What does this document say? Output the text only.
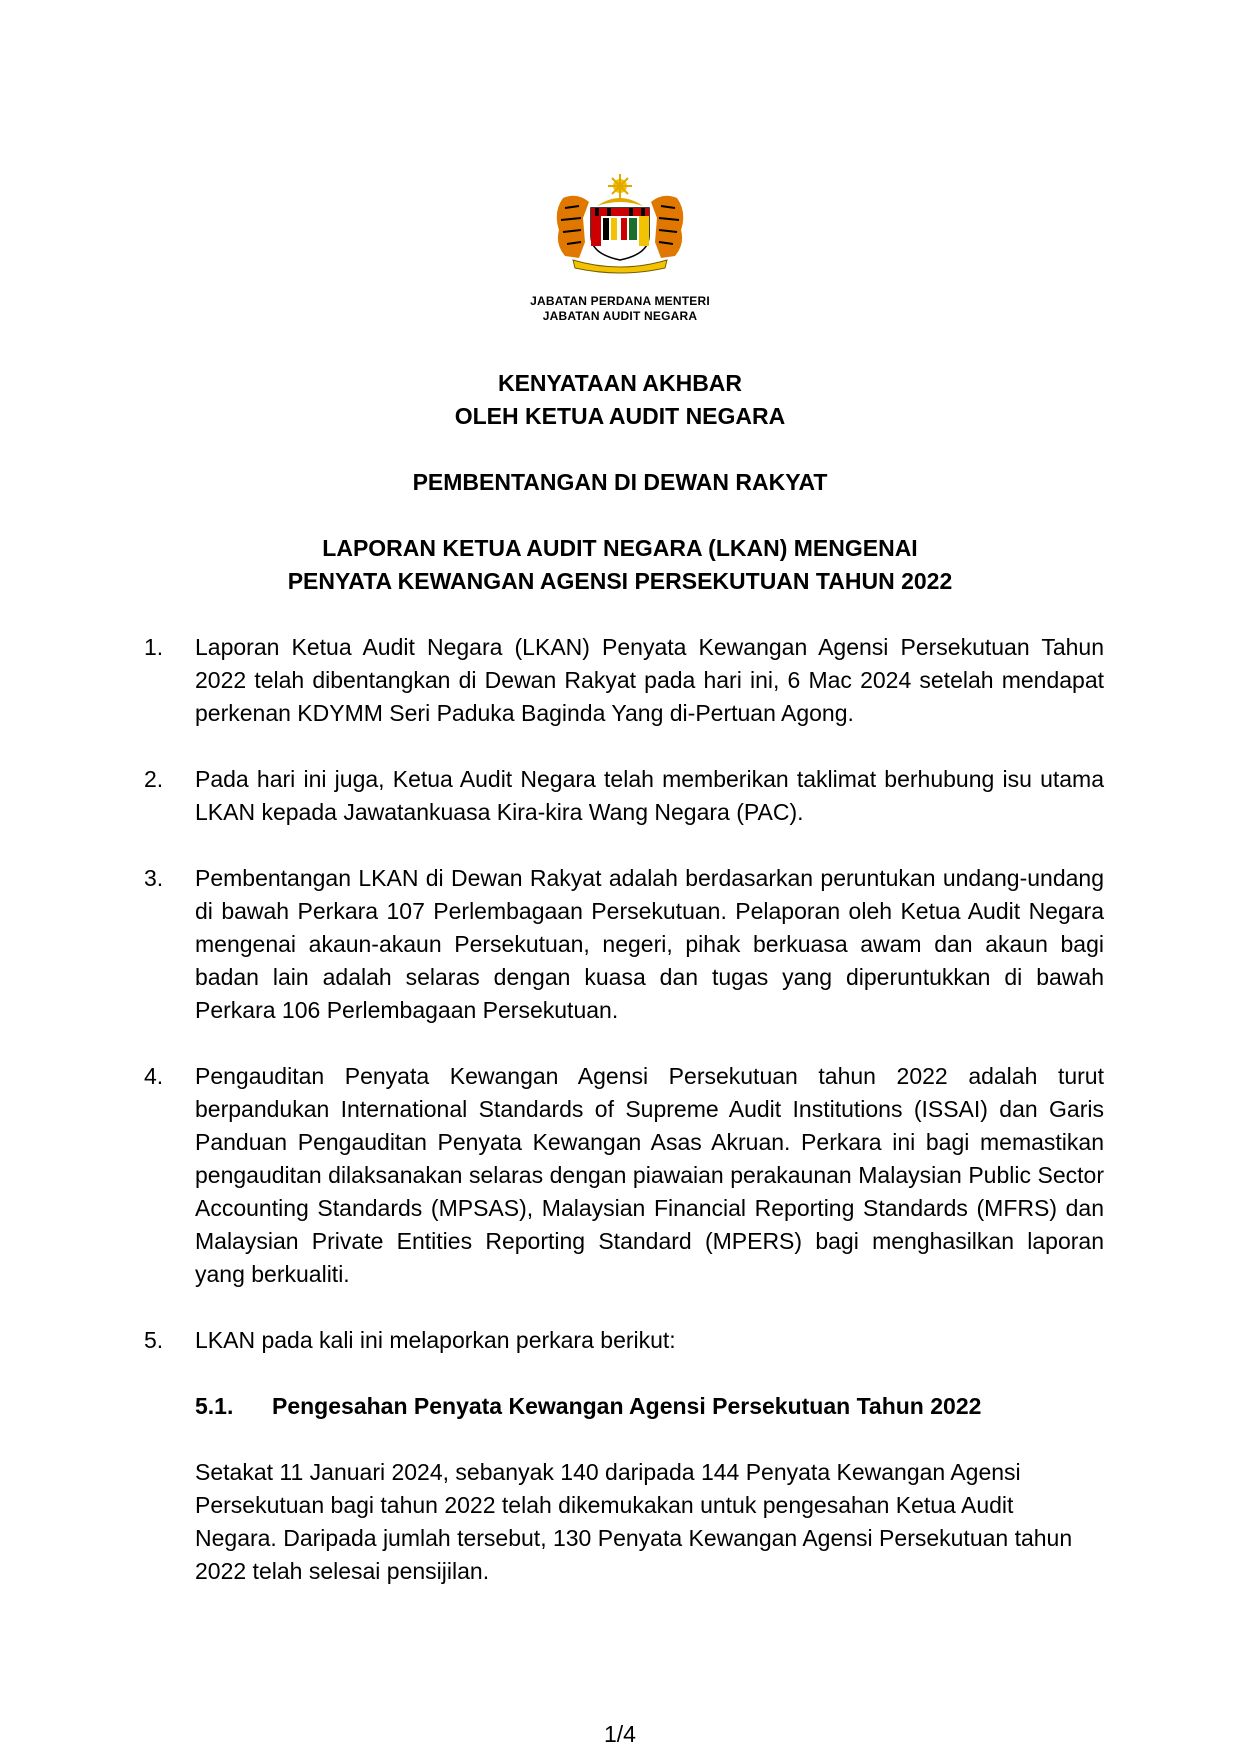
JABATAN PERDANA MENTERI
JABATAN AUDIT NEGARA
KENYATAAN AKHBAR
OLEH KETUA AUDIT NEGARA
PEMBENTANGAN DI DEWAN RAKYAT
LAPORAN KETUA AUDIT NEGARA (LKAN) MENGENAI
PENYATA KEWANGAN AGENSI PERSEKUTUAN TAHUN 2022
1. Laporan Ketua Audit Negara (LKAN) Penyata Kewangan Agensi Persekutuan Tahun 2022 telah dibentangkan di Dewan Rakyat pada hari ini, 6 Mac 2024 setelah mendapat perkenan KDYMM Seri Paduka Baginda Yang di-Pertuan Agong.
2. Pada hari ini juga, Ketua Audit Negara telah memberikan taklimat berhubung isu utama LKAN kepada Jawatankuasa Kira-kira Wang Negara (PAC).
3. Pembentangan LKAN di Dewan Rakyat adalah berdasarkan peruntukan undang-undang di bawah Perkara 107 Perlembagaan Persekutuan. Pelaporan oleh Ketua Audit Negara mengenai akaun-akaun Persekutuan, negeri, pihak berkuasa awam dan akaun bagi badan lain adalah selaras dengan kuasa dan tugas yang diperuntukkan di bawah Perkara 106 Perlembagaan Persekutuan.
4. Pengauditan Penyata Kewangan Agensi Persekutuan tahun 2022 adalah turut berpandukan International Standards of Supreme Audit Institutions (ISSAI) dan Garis Panduan Pengauditan Penyata Kewangan Asas Akruan. Perkara ini bagi memastikan pengauditan dilaksanakan selaras dengan piawaian perakaunan Malaysian Public Sector Accounting Standards (MPSAS), Malaysian Financial Reporting Standards (MFRS) dan Malaysian Private Entities Reporting Standard (MPERS) bagi menghasilkan laporan yang berkualiti.
5. LKAN pada kali ini melaporkan perkara berikut:
5.1. Pengesahan Penyata Kewangan Agensi Persekutuan Tahun 2022
Setakat 11 Januari 2024, sebanyak 140 daripada 144 Penyata Kewangan Agensi Persekutuan bagi tahun 2022 telah dikemukakan untuk pengesahan Ketua Audit Negara. Daripada jumlah tersebut, 130 Penyata Kewangan Agensi Persekutuan tahun 2022 telah selesai pensijilan.
1/4
